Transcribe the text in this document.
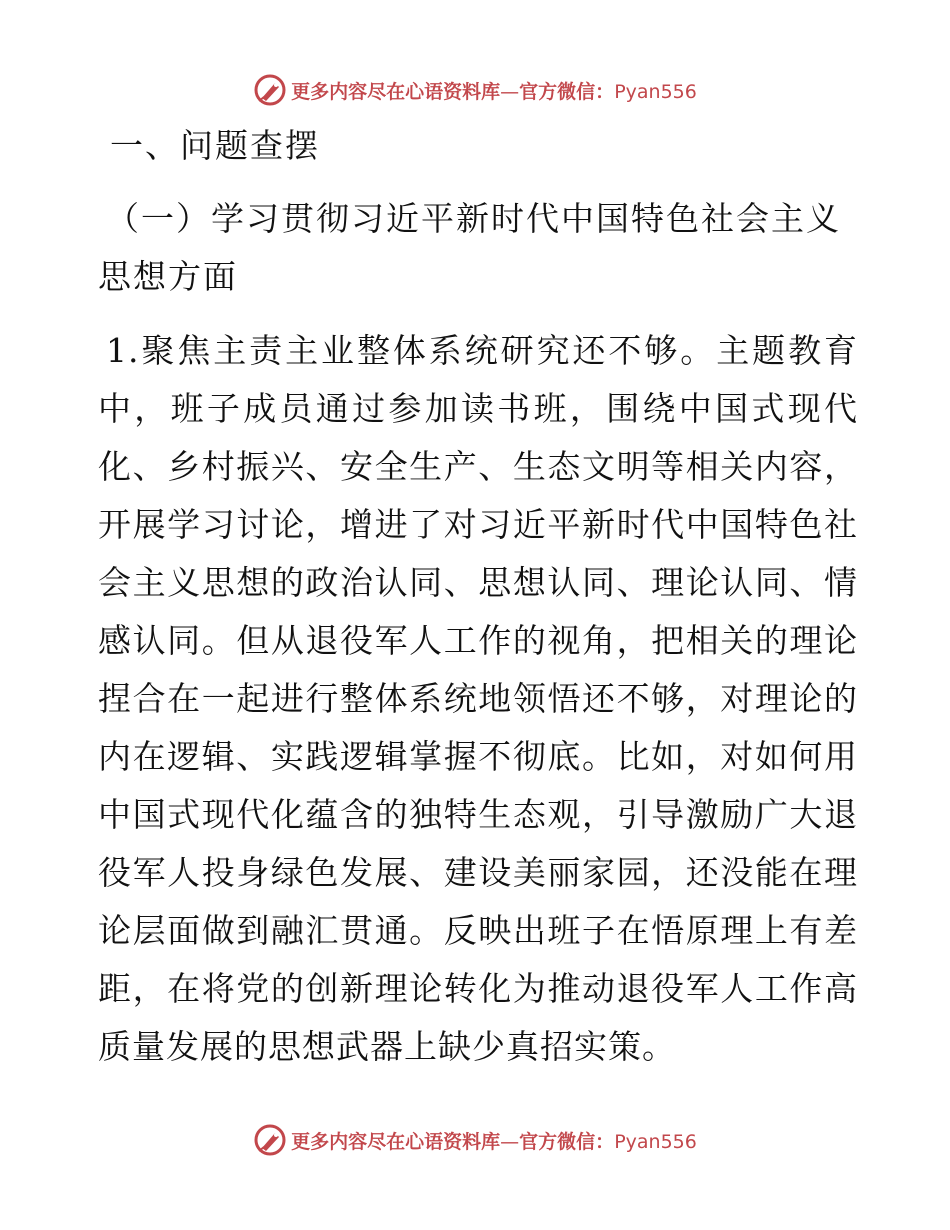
更多内容尽在心语资料库—官方微信：Pyan556
一、问题查摆
（一）学习贯彻习近平新时代中国特色社会主义思想方面

1.聚焦主责主业整体系统研究还不够。主题教育中，班子成员通过参加读书班，围绕中国式现代化、乡村振兴、安全生产、生态文明等相关内容，开展学习讨论，增进了对习近平新时代中国特色社会主义思想的政治认同、思想认同、理论认同、情感认同。但从退役军人工作的视角，把相关的理论捏合在一起进行整体系统地领悟还不够，对理论的内在逻辑、实践逻辑掌握不彻底。比如，对如何用中国式现代化蕴含的独特生态观，引导激励广大退役军人投身绿色发展、建设美丽家园，还没能在理论层面做到融汇贯通。反映出班子在悟原理上有差距，在将党的创新理论转化为推动退役军人工作高质量发展的思想武器上缺少真招实策。

更多内容尽在心语资料库—官方微信：Pyan556
